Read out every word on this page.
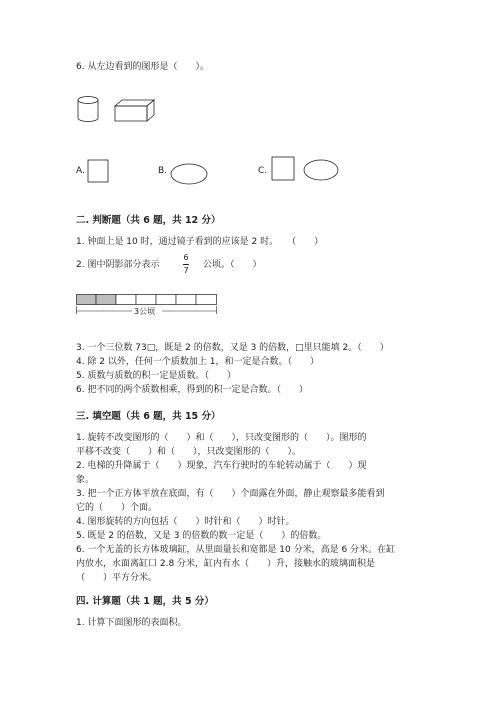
6. 从左边看到的图形是（　　）。
A.	B.	C.
二. 判断题（共 6 题，共 12 分）
1. 钟面上是 10 时，通过镜子看到的应该是 2 时。　　（　　）
2. 图中阴影部分表示
6
7
公顷。（　　）
3公顷
3. 一个三位数 73□，既是 2 的倍数，又是 3 的倍数，□里只能填 2。（　　）
4. 除 2 以外，任何一个质数加上 1，和一定是合数。（　　）
5. 质数与质数的积一定是质数。（　　）
6. 把不同的两个质数相乘，得到的积一定是合数。（　　）
三. 填空题（共 6 题，共 15 分）
1. 旋转不改变图形的（　　）和（　　），只改变图形的（　　）。图形的
平移不改变（　　）和（　　），只改变图形的（　　）。
2. 电梯的升降属于（　　）现象，汽车行驶时的车轮转动属于（　　）现
象。
3. 把一个正方体平放在底面，有（　　）个面露在外面，静止观察最多能看到
它的（　　）个面。
4. 图形旋转的方向包括（　　）时针和（　　）时针。
5. 既是 2 的倍数，又是 3 的倍数的数一定是（　　）的倍数。
6. 一个无盖的长方体玻璃缸，从里面量长和宽都是 10 分米，高是 6 分米。在缸
内放水，水面离缸口 2.8 分米，缸内有水（　　）升，接触水的玻璃面积是
（　　）平方分米。
四. 计算题（共 1 题，共 5 分）
1. 计算下面图形的表面积。
